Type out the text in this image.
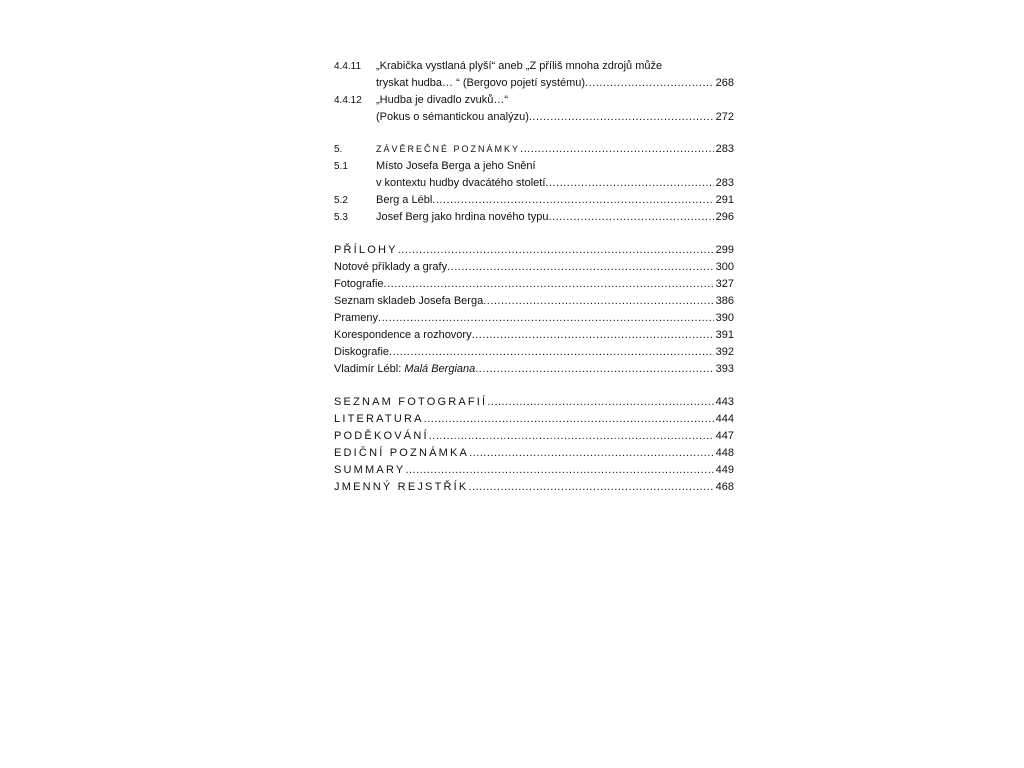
4.4.11	„Krabička vystlaná plyší“ aneb „Z příliš mnoha zdrojů může
tryskat hudba… “ (Bergovo pojetí systému) .....	268
4.4.12	„Hudba je divadlo zvuků…“
(Pokus o sémantickou analýzu) .....	272
5.	ZÁVĚREČNÉ POZNÁMKY .....	283
5.1	Místo Josefa Berga a jeho Snění
v kontextu hudby dvacátého století .....	283
5.2	Berg a Lébl .....	291
5.3	Josef Berg jako hrdina nového typu .....	296
PŘÍLOHY .....	299
Notové příklady a grafy .....	300
Fotografie .....	327
Seznam skladeb Josefa Berga .....	386
Prameny .....	390
Korespondence a rozhovory .....	391
Diskografie .....	392
Vladimír Lébl: Malá Bergiana .....	393
SEZNAM FOTOGRAFIÍ .....	443
LITERATURA .....	444
PODĚKOVÁNÍ .....	447
EDIČNÍ POZNÁMKA .....	448
SUMMARY .....	449
JMENNÝ REJSTŘÍK .....	468
